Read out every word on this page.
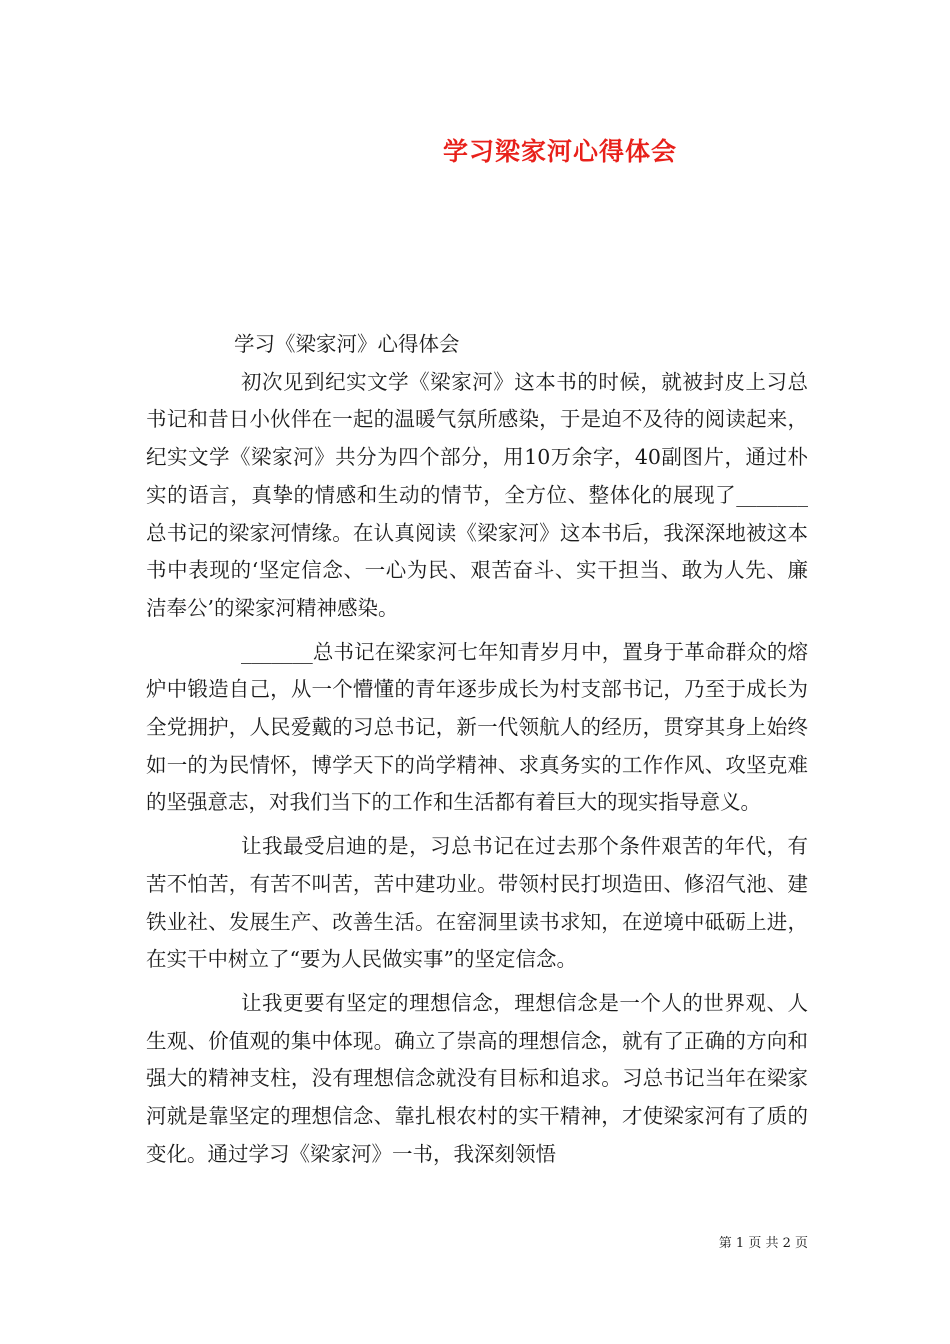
学习梁家河心得体会

学习《梁家河》心得体会

初次见到纪实文学《梁家河》这本书的时候，就被封皮上习总书记和昔日小伙伴在一起的温暖气氛所感染，于是迫不及待的阅读起来，纪实文学《梁家河》共分为四个部分，用10万余字，40副图片，通过朴实的语言，真挚的情感和生动的情节，全方位、整体化的展现了_______总书记的梁家河情缘。在认真阅读《梁家河》这本书后，我深深地被这本书中表现的‘坚定信念、一心为民、艰苦奋斗、实干担当、敢为人先、廉洁奉公’的梁家河精神感染。

_______总书记在梁家河七年知青岁月中，置身于革命群众的熔炉中锻造自己，从一个懵懂的青年逐步成长为村支部书记，乃至于成长为全党拥护，人民爱戴的习总书记，新一代领航人的经历，贯穿其身上始终如一的为民情怀，博学天下的尚学精神、求真务实的工作作风、攻坚克难的坚强意志，对我们当下的工作和生活都有着巨大的现实指导意义。

让我最受启迪的是，习总书记在过去那个条件艰苦的年代，有苦不怕苦，有苦不叫苦，苦中建功业。带领村民打坝造田、修沼气池、建铁业社、发展生产、改善生活。在窑洞里读书求知，在逆境中砥砺上进，在实干中树立了“要为人民做实事”的坚定信念。

让我更要有坚定的理想信念，理想信念是一个人的世界观、人生观、价值观的集中体现。确立了崇高的理想信念，就有了正确的方向和强大的精神支柱，没有理想信念就没有目标和追求。习总书记当年在梁家河就是靠坚定的理想信念、靠扎根农村的实干精神，才使梁家河有了质的变化。通过学习《梁家河》一书，我深刻领悟

第 1 页 共 2 页
